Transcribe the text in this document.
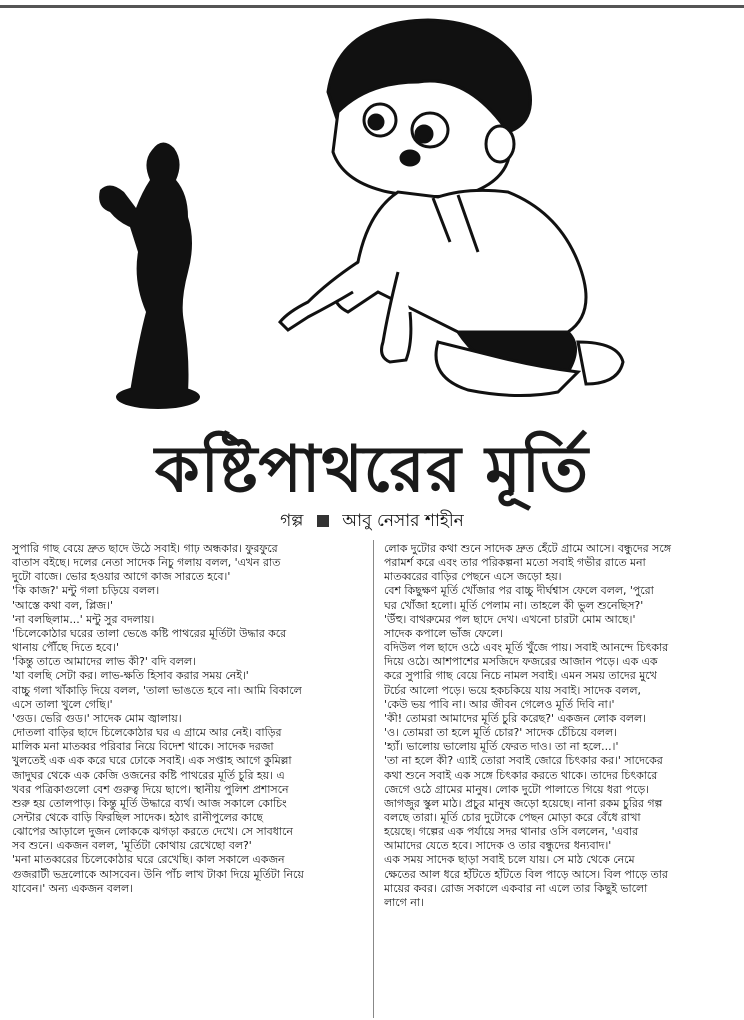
কষ্টিপাথরের মূর্তি
গল্প আবু নেসার শাহীন

সুপারি গাছ বেয়ে দ্রুত ছাদে উঠে সবাই। গাঢ় অন্ধকার। ফুরফুরে

বাতাস বইছে। দলের নেতা সাদেক নিচু গলায় বলল, 'এখন রাত

দুটো বাজে। ভোর হওয়ার আগে কাজ সারতে হবে।'

'কি কাজ?' মন্টু গলা চড়িয়ে বলল।

'আস্তে কথা বল, প্লিজ।'

'না বলছিলাম...' মন্টু সুর বদলায়।

'চিলেকোঠার ঘরের তালা ভেঙে কষ্টি পাথরের মূর্তিটা উদ্ধার করে

থানায় পৌঁছে দিতে হবে।'

'কিন্তু তাতে আমাদের লাভ কী?' বদি বলল।

'যা বলছি সেটা কর। লাভ-ক্ষতি হিসাব করার সময় নেই।'

বাচ্চু গলা খাঁকাড়ি দিয়ে বলল, 'তালা ভাঙতে হবে না। আমি বিকালে

এসে তালা খুলে গেছি।'

'গুড। ভেরি গুড।' সাদেক মোম জ্বালায়।

দোতলা বাড়ির ছাদে চিলেকোঠার ঘর এ গ্রামে আর নেই। বাড়ির

মালিক মনা মাতব্বর পরিবার নিয়ে বিদেশ থাকে। সাদেক দরজা

খুলতেই এক এক করে ঘরে ঢোকে সবাই। এক সপ্তাহ আগে কুমিল্লা

জাদুঘর থেকে এক কেজি ওজনের কষ্টি পাথরের মূর্তি চুরি হয়। এ

খবর পত্রিকাগুলো বেশ গুরুত্ব দিয়ে ছাপে। স্থানীয় পুলিশ প্রশাসনে

শুরু হয় তোলপাড়। কিন্তু মূর্তি উদ্ধারে ব্যর্থ। আজ সকালে কোচিং

সেন্টার থেকে বাড়ি ফিরছিল সাদেক। হঠাৎ রানীপুলের কাছে

ঝোপের আড়ালে দুজন লোককে ঝগড়া করতে দেখে। সে সাবধানে

সব শুনে। একজন বলল, 'মূর্তিটা কোথায় রেখেছো বল?'

'মনা মাতব্বরের চিলেকোঠার ঘরে রেখেছি। কাল সকালে একজন

গুজরাটী ভদ্রলোকে আসবেন। উনি পাঁচ লাখ টাকা দিয়ে মূর্তিটা নিয়ে

যাবেন।' অন্য একজন বলল।

লোক দুটোর কথা শুনে সাদেক দ্রুত হেঁটে গ্রামে আসে। বন্ধুদের সঙ্গে

পরামর্শ করে এবং তার পরিকল্পনা মতো সবাই গভীর রাতে মনা

মাতব্বরের বাড়ির পেছনে এসে জড়ো হয়।

বেশ কিছুক্ষণ মূর্তি খোঁজার পর বাচ্চু দীর্ঘশ্বাস ফেলে বলল, 'পুরো

ঘর খোঁজা হলো। মূর্তি পেলাম না। তাহলে কী ভুল শুনেছিস?'

'উঁহু। বাথরুমের পল ছাদে দেখ। এখনো চারটা মোম আছে।'

সাদেক কপালে ভাঁজ ফেলে।

বদিউল পল ছাদে ওঠে এবং মূর্তি খুঁজে পায়। সবাই আনন্দে চিৎকার

দিয়ে ওঠে। আশপাশের মসজিদে ফজরের আজান পড়ে। এক এক

করে সুপারি গাছ বেয়ে নিচে নামল সবাই। এমন সময় তাদের মুখে

টর্চের আলো পড়ে। ভয়ে হকচকিয়ে যায় সবাই। সাদেক বলল,

'কেউ ভয় পাবি না। আর জীবন গেলেও মূর্তি দিবি না।'

'কী! তোমরা আমাদের মূর্তি চুরি করেছ?' একজন লোক বলল।

'ও। তোমরা তা হলে মূর্তি চোর?' সাদেক চেঁচিয়ে বলল।

'হ্যাঁ। ভালোয় ভালোয় মূর্তি ফেরত দাও। তা না হলে...।'

'তা না হলে কী? এ্যাই তোরা সবাই জোরে চিৎকার কর।' সাদেকের

কথা শুনে সবাই এক সঙ্গে চিৎকার করতে থাকে। তাদের চিৎকারে

জেগে ওঠে গ্রামের মানুষ। লোক দুটো পালাতে গিয়ে ধরা পড়ে।

জাগজুর স্কুল মাঠ। প্রচুর মানুষ জড়ো হয়েছে। নানা রকম চুরির গল্প

বলছে তারা। মূর্তি চোর দুটোকে পেছন মোড়া করে বেঁধে রাখা

হয়েছে। গল্পের এক পর্যায়ে সদর থানার ওসি বললেন, 'এবার

আমাদের যেতে হবে। সাদেক ও তার বন্ধুদের ধন্যবাদ।'

এক সময় সাদেক ছাড়া সবাই চলে যায়। সে মাঠ থেকে নেমে

ক্ষেতের আল ধরে হাঁটতে হাঁটতে বিল পাড়ে আসে। বিল পাড়ে তার

মায়ের কবর। রোজ সকালে একবার না এলে তার কিছুই ভালো

লাগে না।
